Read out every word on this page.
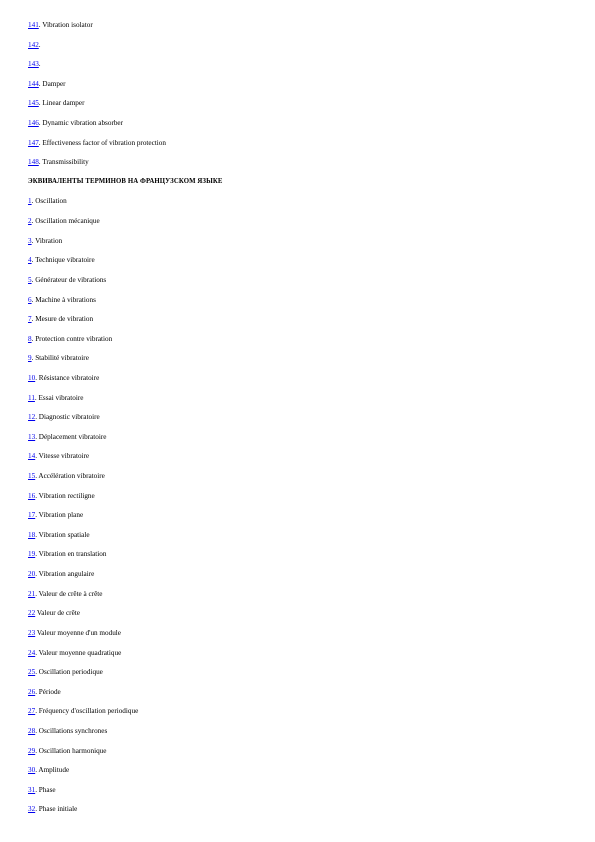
141. Vibration isolator
142.
143.
144. Damper
145. Linear damper
146. Dynamic vibration absorber
147. Effectiveness factor of vibration protection
148. Transmissibility
ЭКВИВАЛЕНТЫ ТЕРМИНОВ НА ФРАНЦУЗСКОМ ЯЗЫКЕ
1. Oscillation
2. Oscillation mécanique
3. Vibration
4. Technique vibratoire
5. Générateur de vibrations
6. Machine à vibrations
7. Mesure de vibration
8. Protection contre vibration
9. Stabilité vibratoire
10. Résistance vibratoire
11. Essai vibratoire
12. Diagnostic vibratoire
13. Déplacement vibratoire
14. Vitesse vibratoire
15. Accélération vibratoire
16. Vibration rectiligne
17. Vibration plane
18. Vibration spatiale
19. Vibration en translation
20. Vibration angulaire
21. Valeur de crête à crête
22 Valeur de crête
23 Valeur moyenne d'un module
24. Valeur moyenne quadratique
25. Oscillation periodique
26. Période
27. Fréquency d'oscillation periodique
28. Oscillations synchrones
29. Oscillation harmonique
30. Amplitude
31. Phase
32. Phase initiale
